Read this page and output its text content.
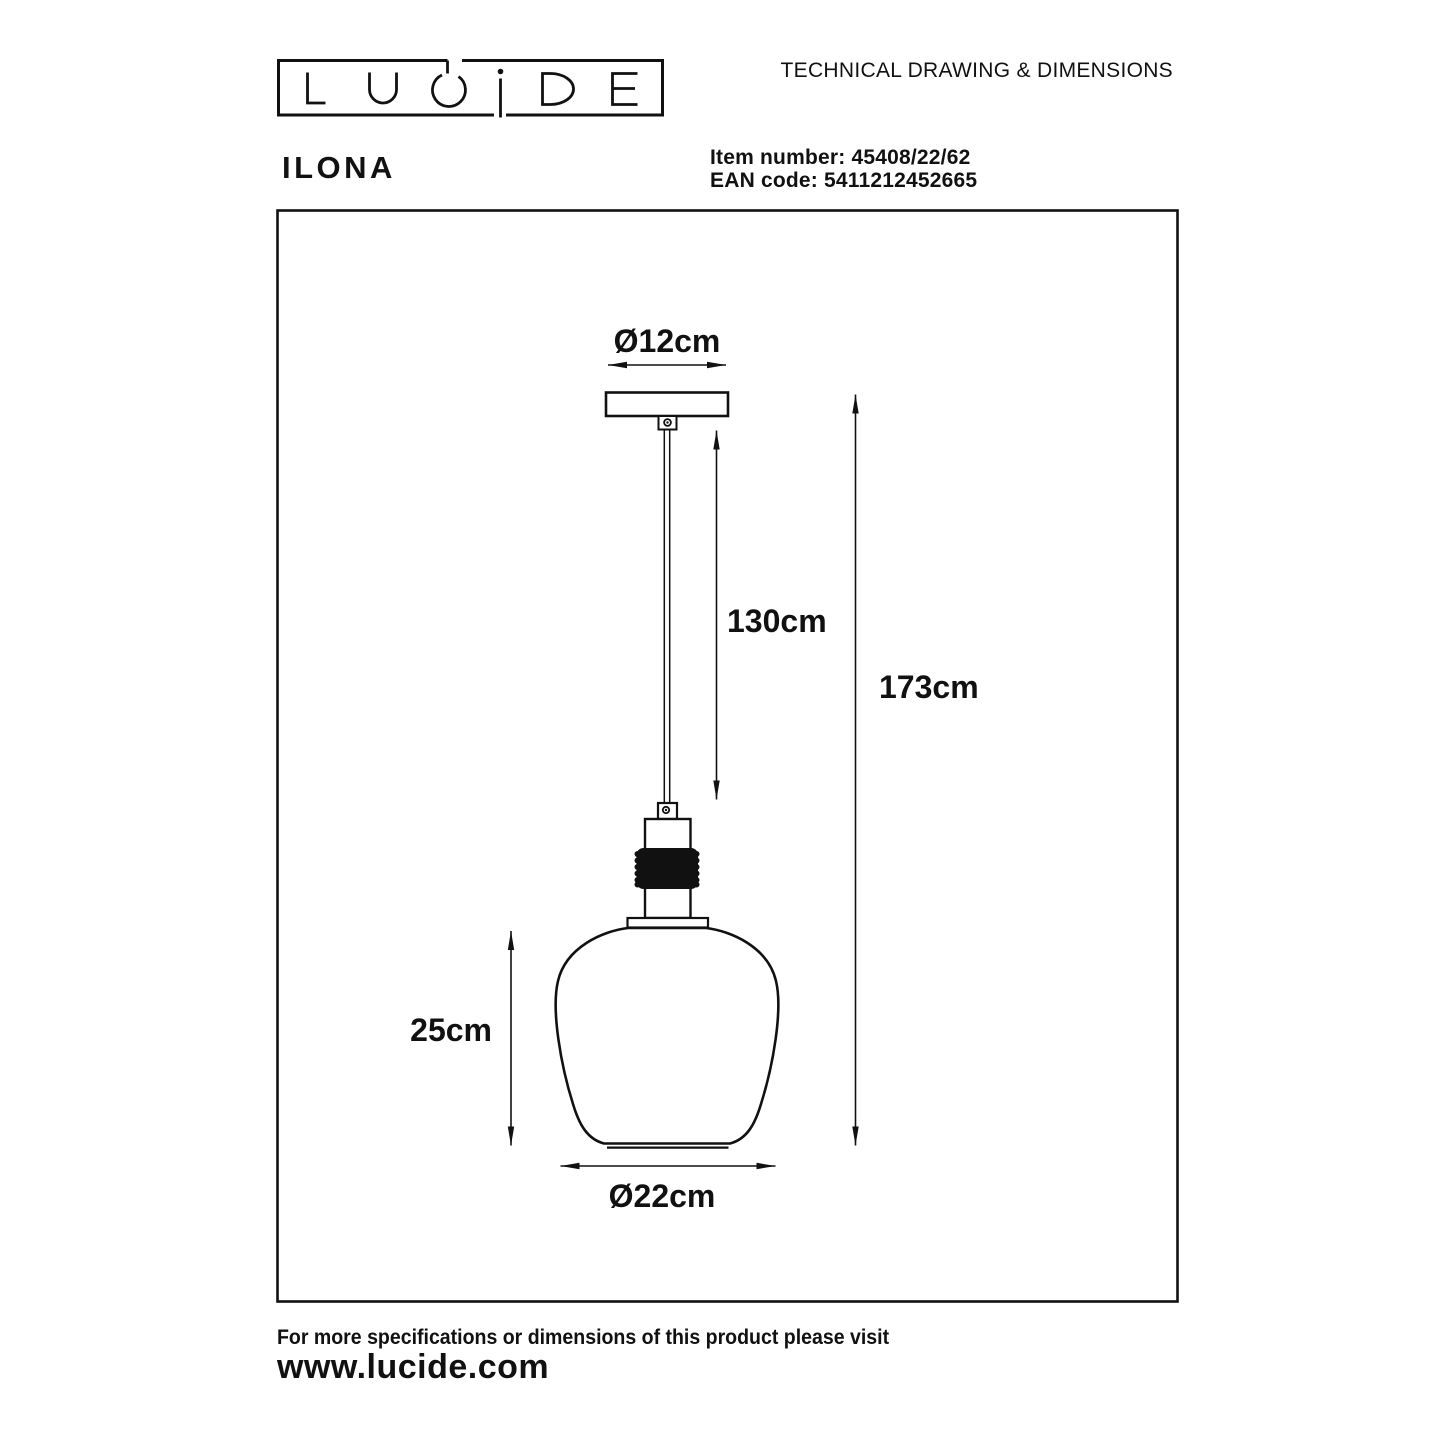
ILONA
TECHNICAL DRAWING & DIMENSIONS
Item number: 45408/22/62
EAN code: 5411212452665
Ø12cm
130cm
173cm
25cm
Ø22cm
For more specifications or dimensions of this product please visit
www.lucide.com
